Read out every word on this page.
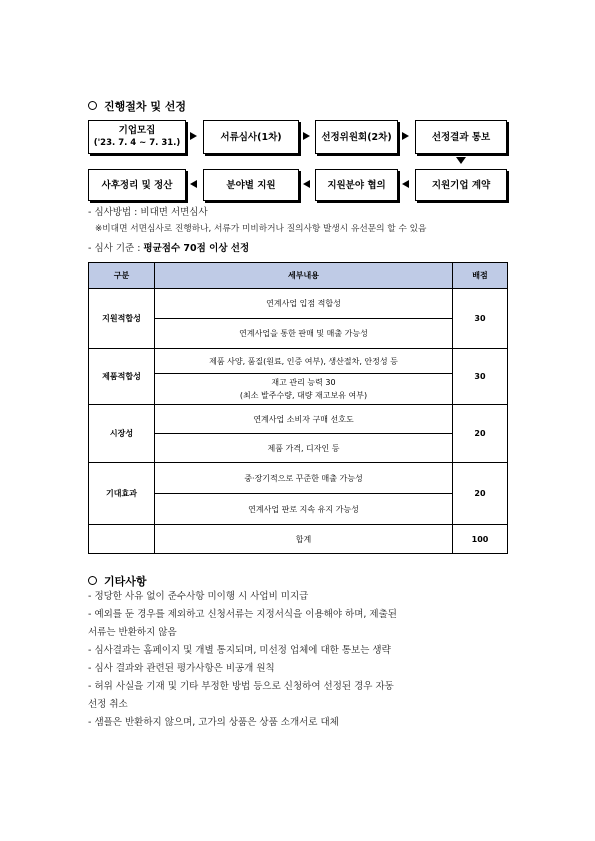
진행절차 및 선정
기업모집
('23. 7. 4 ~ 7. 31.)
서류심사(1차)	선정위원회(2차)	선정결과 통보
사후정리 및 정산	분야별 지원	지원분야 협의	지원기업 계약
- 심사방법 : 비대면 서면심사
※비대면 서면심사로 진행하나, 서류가 미비하거나 질의사항 발생시 유선문의 할 수 있음
- 심사 기준 : 평균점수 70점 이상 선정
구분	세부내용	배점
지원적합성	연계사업 입점 적합성	30
	연계사업을 통한 판매 및 매출 가능성	
제품적합성	제품 사양, 품질(원료, 인증 여부), 생산절차, 안정성 등	30

	재고 관리 능력 30
(최소 발주수량, 대량 재고보유 여부)	

시장성	연계사업 소비자 구매 선호도	20
	제품 가격, 디자인 등	
기대효과	중·장기적으로 꾸준한 매출 가능성	20
	연계사업 판로 지속 유지 가능성	
	합계	100
기타사항
- 정당한 사유 없이 준수사항 미이행 시 사업비 미지급
- 예외를 둔 경우를 제외하고 신청서류는 지정서식을 이용해야 하며, 제출된
서류는 반환하지 않음
- 심사결과는 홈페이지 및 개별 통지되며, 미선정 업체에 대한 통보는 생략
- 심사 결과와 관련된 평가사항은 비공개 원칙
- 허위 사실을 기재 및 기타 부정한 방법 등으로 신청하여 선정된 경우 자동
선정 취소
- 샘플은 반환하지 않으며, 고가의 상품은 상품 소개서로 대체
